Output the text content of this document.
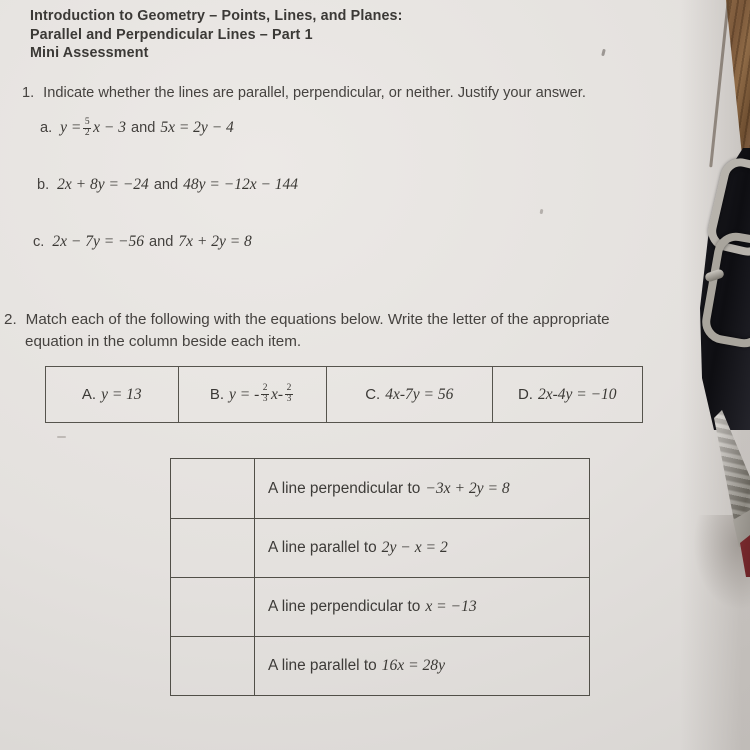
Introduction to Geometry – Points, Lines, and Planes:
Parallel and Perpendicular Lines – Part 1
Mini Assessment
1. Indicate whether the lines are parallel, perpendicular, or neither. Justify your answer.
a. $y = \frac{5}{2}$ x − 3 and 5x = 2y − 4
b. 2x + 8y = −24 and 48y = −12x − 144
c. 2x − 7y = −56 and 7x + 2y = 8
2. Match each of the following with the equations below. Write the letter of the appropriate
equation in the column beside each item.
A. y = 13	B. y = - $\frac{2}{3} x- \frac{2}{3}$	C. 4x-7y = 56	D. 2x-4y = −10
A line perpendicular to −3x + 2y = 8
A line parallel to 2y − x = 2
A line perpendicular to x = −13
A line parallel to 16x = 28y
